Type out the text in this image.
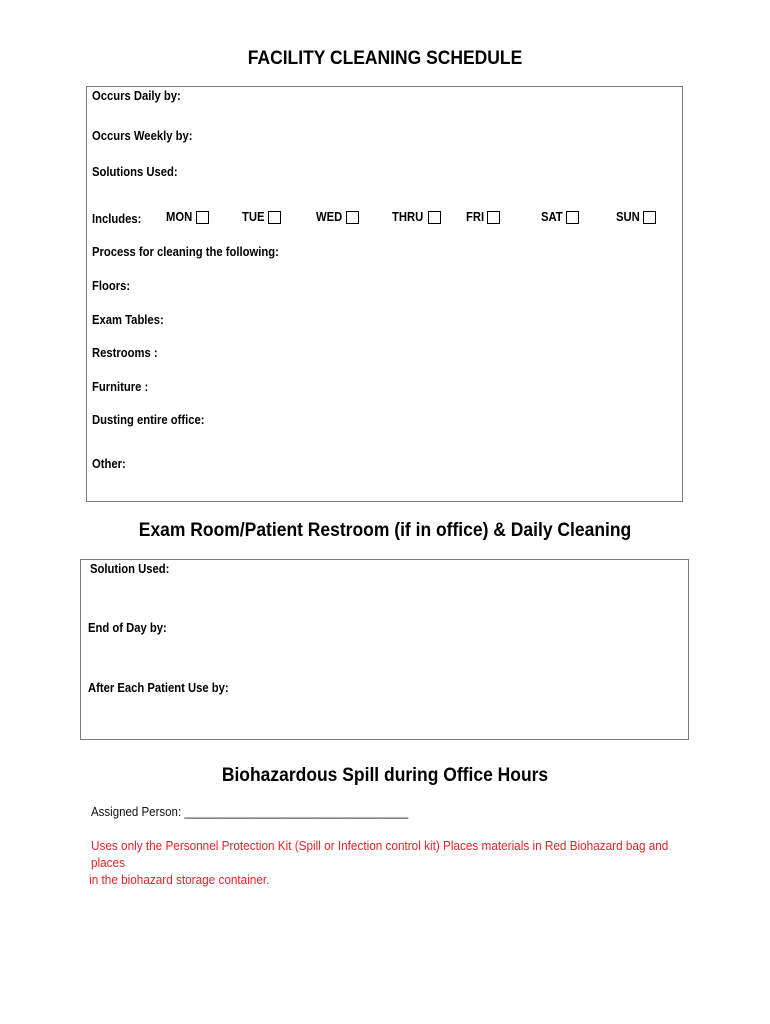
FACILITY CLEANING SCHEDULE
Occurs Daily by:
Occurs Weekly by:
Solutions Used:
Includes: MON	TUE	WED	THRU	FRI	SAT	SUN
Process for cleaning the following:
Floors:
Exam Tables:
Restrooms :
Furniture :
Dusting entire office:
Other:
Exam Room/Patient Restroom (if in office) & Daily Cleaning
Solution Used:
End of Day by:
After Each Patient Use by:
Biohazardous Spill during Office Hours
Assigned Person: ___________________________________
Uses only the Personnel Protection Kit (Spill or Infection control kit) Places materials in Red Biohazard bag and places
in the biohazard storage container.
